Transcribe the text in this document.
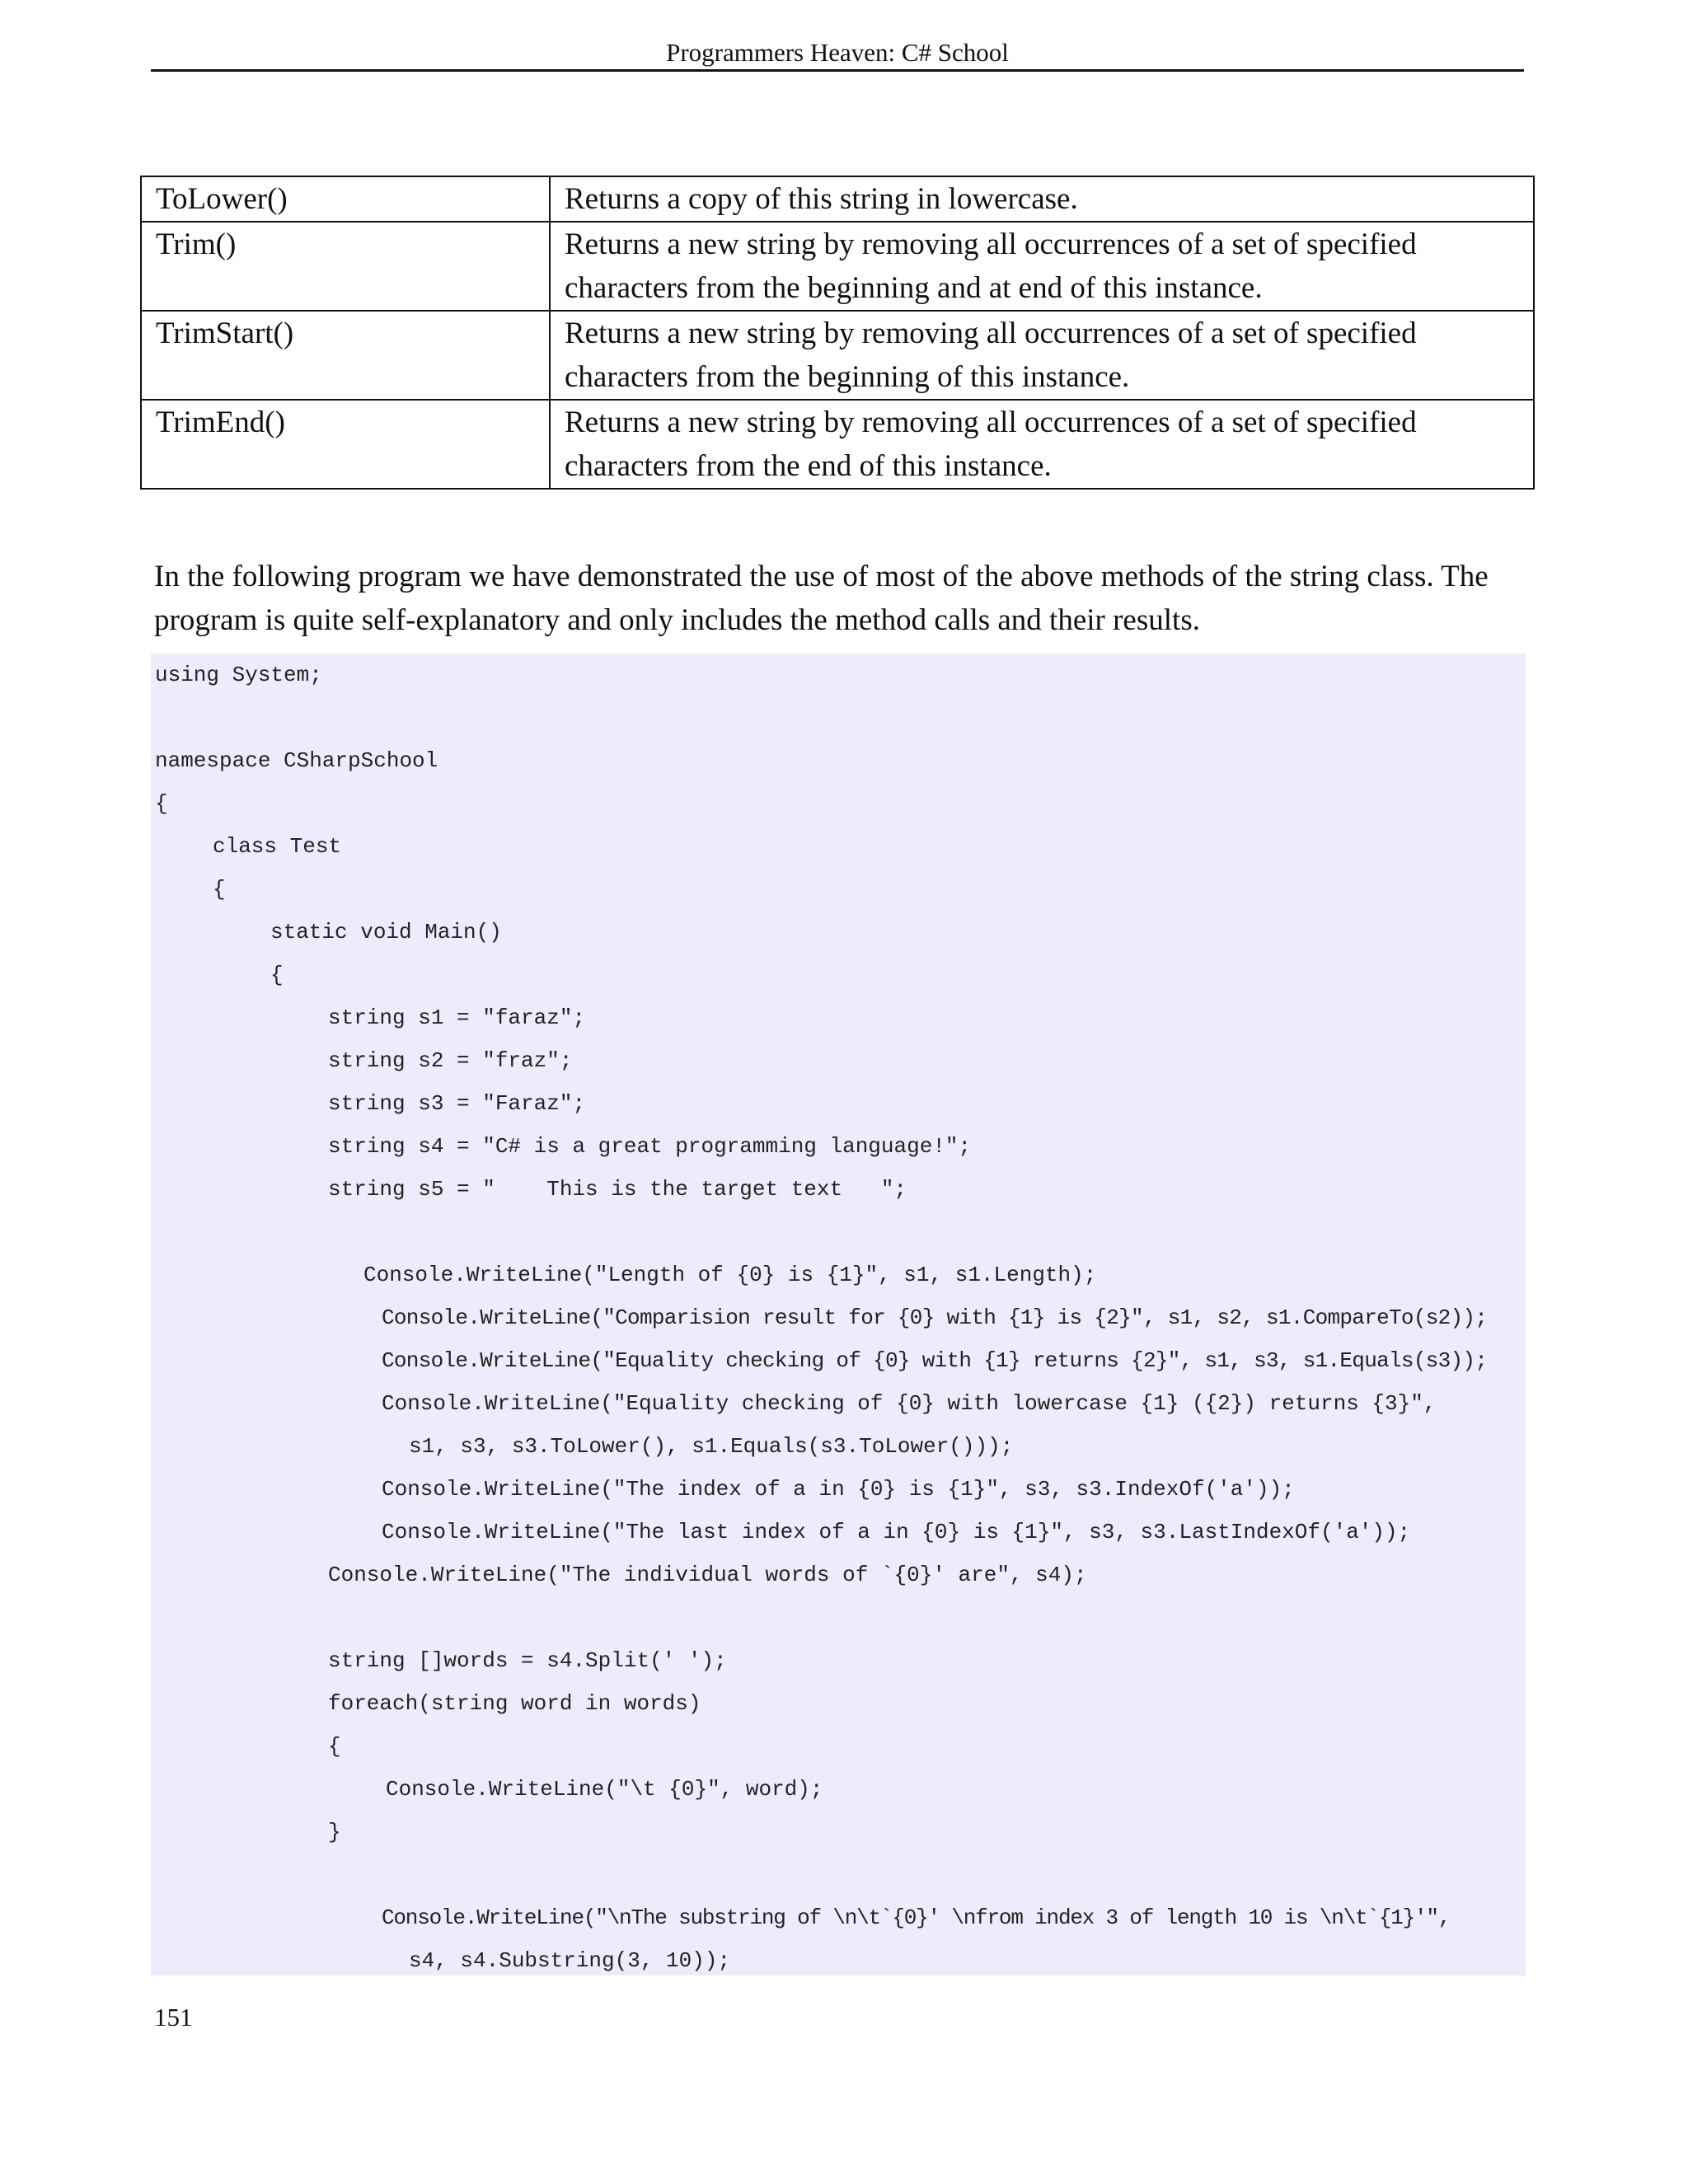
Programmers Heaven: C# School
ToLower()	Returns a copy of this string in lowercase.
Trim()	Returns a new string by removing all occurrences of a set of specified characters from the beginning and at end of this instance.
TrimStart()	Returns a new string by removing all occurrences of a set of specified characters from the beginning of this instance.
TrimEnd()	Returns a new string by removing all occurrences of a set of specified characters from the end of this instance.

In the following program we have demonstrated the use of most of the above methods of the string class. The program is quite self-explanatory and only includes the method calls and their results.

using System;
namespace CSharpSchool
{
class Test
{
static void Main()
{
string s1 = "faraz";
string s2 = "fraz";
string s3 = "Faraz";
string s4 = "C# is a great programming language!";
string s5 = "    This is the target text   ";
Console.WriteLine("Length of {0} is {1}", s1, s1.Length);
Console.WriteLine("Comparision result for {0} with {1} is {2}", s1, s2, s1.CompareTo(s2));
Console.WriteLine("Equality checking of {0} with {1} returns {2}", s1, s3, s1.Equals(s3));
Console.WriteLine("Equality checking of {0} with lowercase {1} ({2}) returns {3}",
s1, s3, s3.ToLower(), s1.Equals(s3.ToLower()));
Console.WriteLine("The index of a in {0} is {1}", s3, s3.IndexOf('a'));
Console.WriteLine("The last index of a in {0} is {1}", s3, s3.LastIndexOf('a'));
Console.WriteLine("The individual words of `{0}' are", s4);
string []words = s4.Split(' ');
foreach(string word in words)
{
Console.WriteLine("\t {0}", word);
}
Console.WriteLine("\nThe substring of \n\t`{0}' \nfrom index 3 of length 10 is \n\t`{1}'",
s4, s4.Substring(3, 10));
151
